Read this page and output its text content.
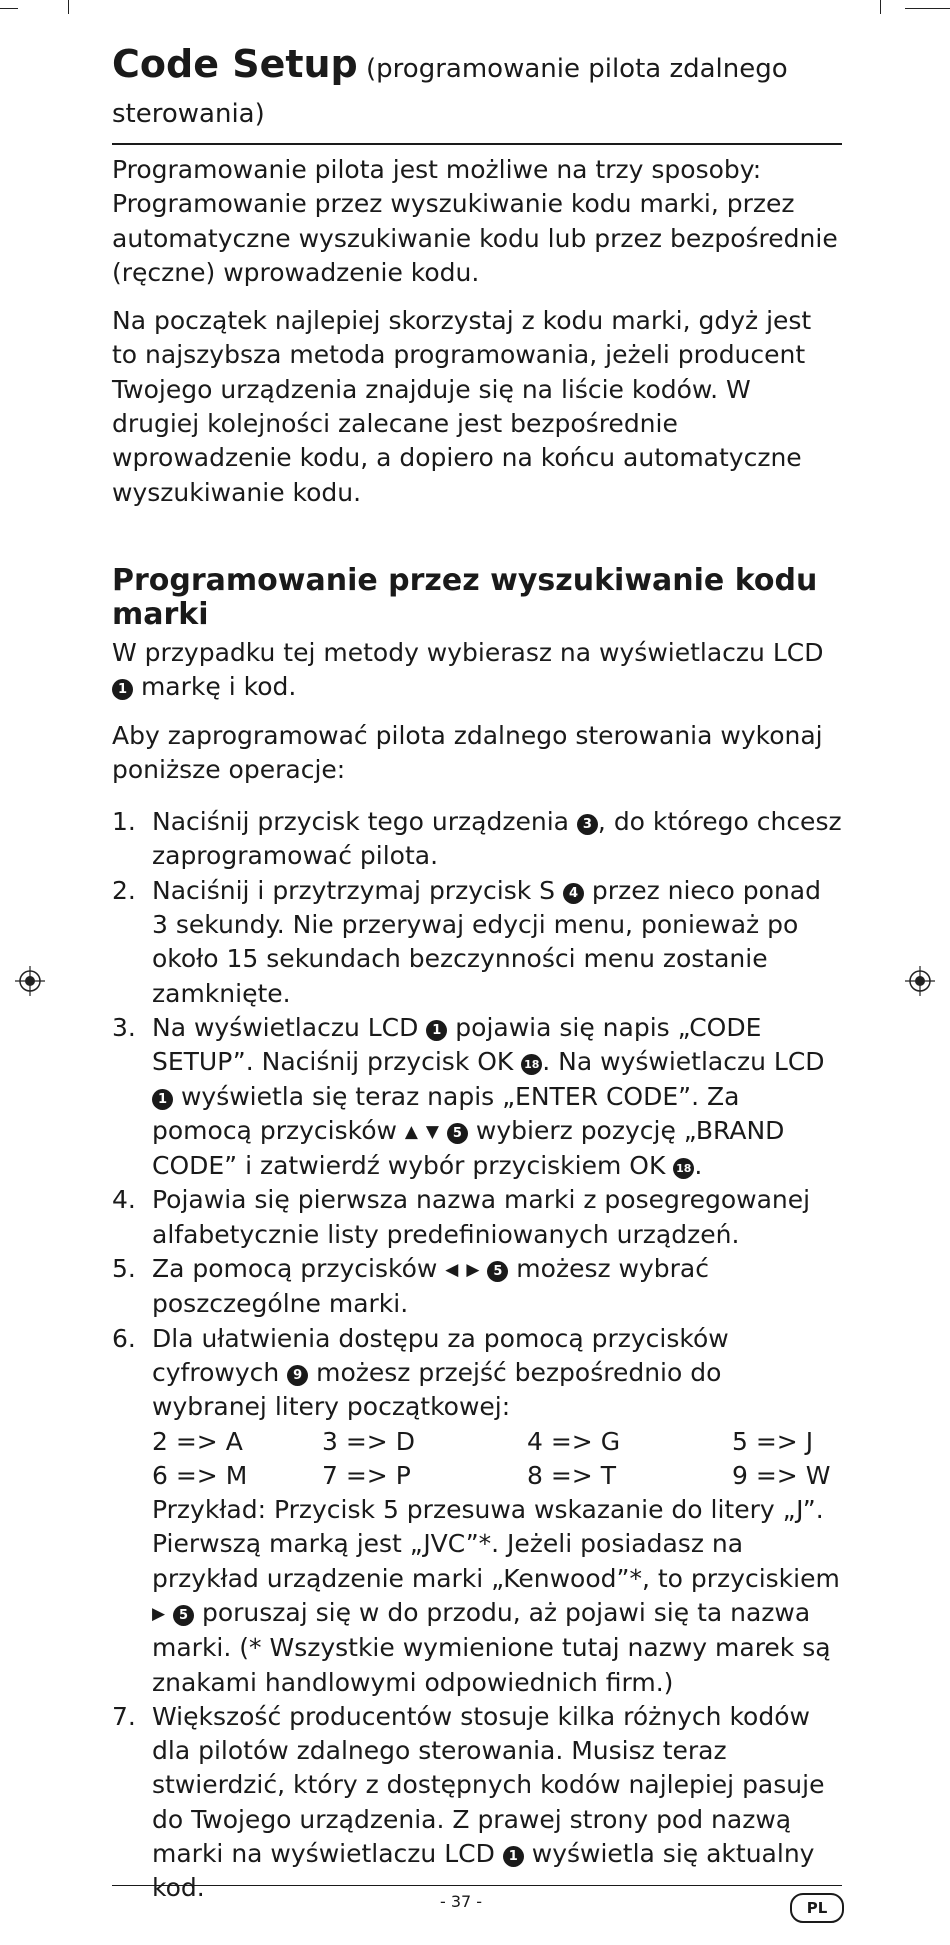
Code Setup (programowanie pilota zdalnego
sterowania)

Programowanie pilota jest możliwe na trzy sposoby: Programowanie przez wyszukiwanie kodu marki, przez automatyczne wyszukiwanie kodu lub przez bezpośrednie (ręczne) wprowadzenie kodu.

Na początek najlepiej skorzystaj z kodu marki, gdyż jest to najszybsza metoda programowania, jeżeli producent Twojego urządzenia znajduje się na liście kodów. W drugiej kolejności zalecane jest bezpośrednie wprowadzenie kodu, a dopiero na końcu automatyczne wyszukiwanie kodu.

Programowanie przez wyszukiwanie kodu marki

W przypadku tej metody wybierasz na wyświetlaczu LCD 1 markę i kod.

Aby zaprogramować pilota zdalnego sterowania wykonaj poniższe operacje:

1. Naciśnij przycisk tego urządzenia 3 , do którego chcesz zaprogramować pilota.
2. Naciśnij i przytrzymaj przycisk S 4 przez nieco ponad 3 sekundy. Nie przerywaj edycji menu, ponieważ po około 15 sekundach bezczynności menu zostanie zamknięte.
3. Na wyświetlaczu LCD 1 pojawia się napis „CODE SETUP”. Naciśnij przycisk OK 18 . Na wyświetlaczu LCD 1 wyświetla się teraz napis „ENTER CODE”. Za pomocą przycisków ▲ ▼ 5 wybierz pozycję „BRAND CODE” i zatwierdź wybór przyciskiem OK 18 .
4. Pojawia się pierwsza nazwa marki z posegregowanej alfabetycznie listy predefiniowanych urządzeń.
5. Za pomocą przycisków ◀ ▶ 5 możesz wybrać poszczególne marki.
6. Dla ułatwienia dostępu za pomocą przycisków cyfrowych 9 możesz przejść bezpośrednio do wybranej litery początkowej:
2 => A	3 => D	4 => G	5 => J
6 => M	7 => P	8 => T	9 => W
Przykład: Przycisk 5 przesuwa wskazanie do litery „J”. Pierwszą marką jest „JVC”*. Jeżeli posiadasz na przykład urządzenie marki „Kenwood”*, to przyciskiem ▶ 5 poruszaj się w do przodu, aż pojawi się ta nazwa marki. (* Wszystkie wymienione tutaj nazwy marek są znakami handlowymi odpowiednich firm.)
7. Większość producentów stosuje kilka różnych kodów dla pilotów zdalnego sterowania. Musisz teraz stwierdzić, który z dostępnych kodów najlepiej pasuje do Twojego urządzenia. Z prawej strony pod nazwą marki na wyświetlaczu LCD 1 wyświetla się aktualny kod.	- 37 -	PL
